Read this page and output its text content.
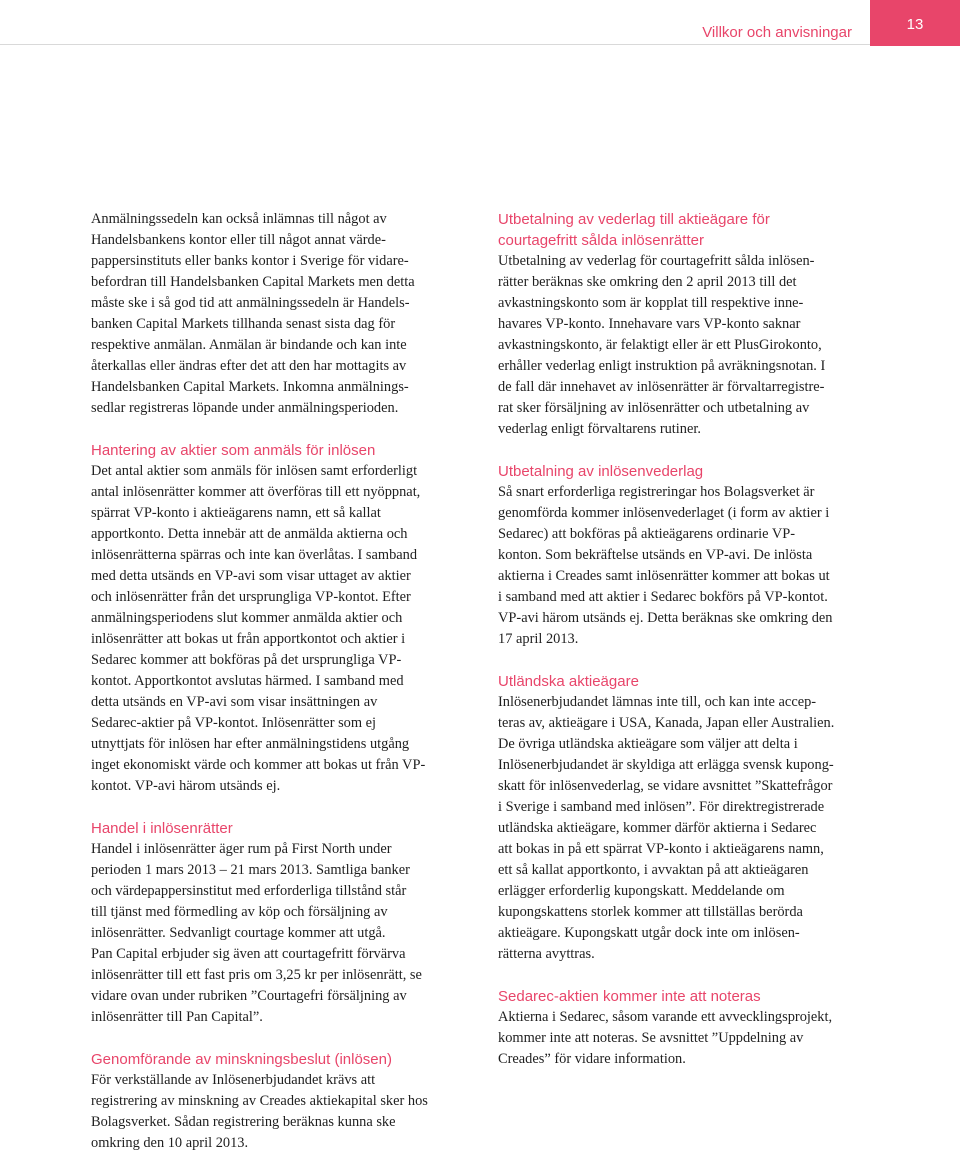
Villkor och anvisningar	13

Anmälningssedeln kan också inlämnas till något av
Handelsbankens kontor eller till något annat värde-
pappersinstituts eller banks kontor i Sverige för vidare-
befordran till Handelsbanken Capital Markets men detta
måste ske i så god tid att anmälningssedeln är Handels-
banken Capital Markets tillhanda senast sista dag för
respektive anmälan. Anmälan är bindande och kan inte
återkallas eller ändras efter det att den har mottagits av
Handelsbanken Capital Markets. Inkomna anmälnings-
sedlar registreras löpande under anmälningsperioden.

Hantering av aktier som anmäls för inlösen

Det antal aktier som anmäls för inlösen samt erforderligt
antal inlösenrätter kommer att överföras till ett nyöppnat,
spärrat VP-konto i aktieägarens namn, ett så kallat
apportkonto. Detta innebär att de anmälda aktierna och
inlösenrätterna spärras och inte kan överlåtas. I samband
med detta utsänds en VP-avi som visar uttaget av aktier
och inlösenrätter från det ursprungliga VP-kontot. Efter
anmälningsperiodens slut kommer anmälda aktier och
inlösenrätter att bokas ut från apportkontot och aktier i
Sedarec kommer att bokföras på det ursprungliga VP-
kontot. Apportkontot avslutas härmed. I samband med
detta utsänds en VP-avi som visar insättningen av
Sedarec-aktier på VP-kontot. Inlösenrätter som ej
utnyttjats för inlösen har efter anmälningstidens utgång
inget ekonomiskt värde och kommer att bokas ut från VP-
kontot. VP-avi härom utsänds ej.

Handel i inlösenrätter

Handel i inlösenrätter äger rum på First North under
perioden 1 mars 2013 – 21 mars 2013. Samtliga banker
och värdepappersinstitut med erforderliga tillstånd står
till tjänst med förmedling av köp och försäljning av
inlösenrätter. Sedvanligt courtage kommer att utgå.
Pan Capital erbjuder sig även att courtagefritt förvärva
inlösenrätter till ett fast pris om 3,25 kr per inlösenrätt, se
vidare ovan under rubriken ”Courtagefri försäljning av
inlösenrätter till Pan Capital”.

Genomförande av minskningsbeslut (inlösen)

För verkställande av Inlösenerbjudandet krävs att
registrering av minskning av Creades aktiekapital sker hos
Bolagsverket. Sådan registrering beräknas kunna ske
omkring den 10 april 2013.

Utbetalning av vederlag till aktieägare för
courtagefritt sålda inlösenrätter

Utbetalning av vederlag för courtagefritt sålda inlösen-
rätter beräknas ske omkring den 2 april 2013 till det
avkastningskonto som är kopplat till respektive inne-
havares VP-konto. Innehavare vars VP-konto saknar
avkastningskonto, är felaktigt eller är ett PlusGirokonto,
erhåller vederlag enligt instruktion på avräkningsnotan. I
de fall där innehavet av inlösenrätter är förvaltarregistre-
rat sker försäljning av inlösenrätter och utbetalning av
vederlag enligt förvaltarens rutiner.

Utbetalning av inlösenvederlag

Så snart erforderliga registreringar hos Bolagsverket är
genomförda kommer inlösenvederlaget (i form av aktier i
Sedarec) att bokföras på aktieägarens ordinarie VP-
konton. Som bekräftelse utsänds en VP-avi. De inlösta
aktierna i Creades samt inlösenrätter kommer att bokas ut
i samband med att aktier i Sedarec bokförs på VP-kontot.
VP-avi härom utsänds ej. Detta beräknas ske omkring den
17 april 2013.

Utländska aktieägare

Inlösenerbjudandet lämnas inte till, och kan inte accep-
teras av, aktieägare i USA, Kanada, Japan eller Australien.
De övriga utländska aktieägare som väljer att delta i
Inlösenerbjudandet är skyldiga att erlägga svensk kupong-
skatt för inlösenvederlag, se vidare avsnittet ”Skattefrågor
i Sverige i samband med inlösen”. För direktregistrerade
utländska aktieägare, kommer därför aktierna i Sedarec
att bokas in på ett spärrat VP-konto i aktieägarens namn,
ett så kallat apportkonto, i avvaktan på att aktieägaren
erlägger erforderlig kupongskatt. Meddelande om
kupongskattens storlek kommer att tillställas berörda
aktieägare. Kupongskatt utgår dock inte om inlösen-
rätterna avyttras.

Sedarec-aktien kommer inte att noteras

Aktierna i Sedarec, såsom varande ett avvecklingsprojekt,
kommer inte att noteras. Se avsnittet ”Uppdelning av
Creades” för vidare information.
